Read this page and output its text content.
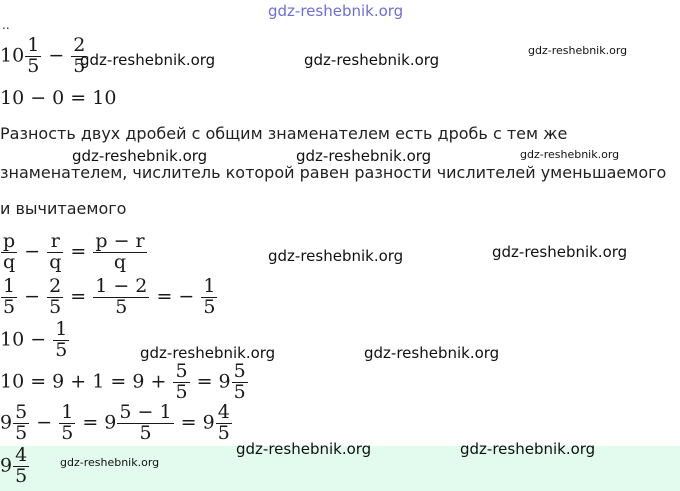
gdz-reshebnik.org
..
$10 \frac{1}{5} - \frac{2}{5}$
10 − 0 = 10
Разность двух дробей с общим знаменателем есть дробь с тем же
знаменателем, числитель которой равен разности числителей уменьшаемого
и вычитаемого
$\frac{p}{q} - \frac{r}{q} = \frac{p - r}{q}$
$\frac{1}{5} - \frac{2}{5} = \frac{1 - 2}{5}$ = − $\frac{1}{5}$
$10 - \frac{1}{5}$
$10 = 9 + 1 = 9 + \frac{5}{5} = 9 \frac{5}{5}$
$9 \frac{5}{5} - \frac{1}{5} = 9 \frac{5 - 1}{5} = 9 \frac{4}{5}$
$9 \frac{4}{5}$
gdz-reshebnik.org	gdz-reshebnik.org
gdz-reshebnik.org
gdz-reshebnik.org	gdz-reshebnik.org	gdz-reshebnik.org
gdz-reshebnik.org	gdz-reshebnik.org
gdz-reshebnik.org	gdz-reshebnik.org
gdz-reshebnik.org	gdz-reshebnik.org
gdz-reshebnik.org
